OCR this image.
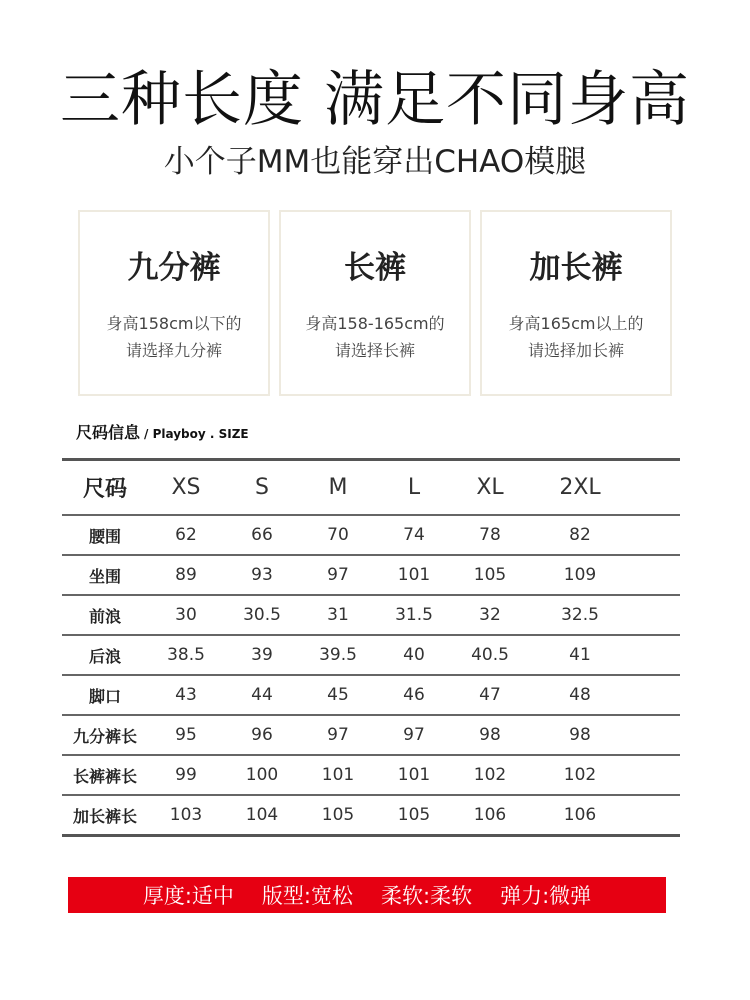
三种长度 满足不同身高
小个子MM也能穿出CHAO模腿
九分裤
身高158cm以下的
请选择九分裤
长裤
身高158-165cm的
请选择长裤
加长裤
身高165cm以上的
请选择加长裤
尺码信息 / Playboy . SIZE
尺码	XS	S	M	L	XL	2XL
腰围	62	66	70	74	78	82
坐围	89	93	97	101	105	109
前浪	30	30.5	31	31.5	32	32.5
后浪	38.5	39	39.5	40	40.5	41
脚口	43	44	45	46	47	48
九分裤长	95	96	97	97	98	98
长裤裤长	99	100	101	101	102	102
加长裤长	103	104	105	105	106	106
厚度:适中 版型:宽松 柔软:柔软 弹力:微弹
